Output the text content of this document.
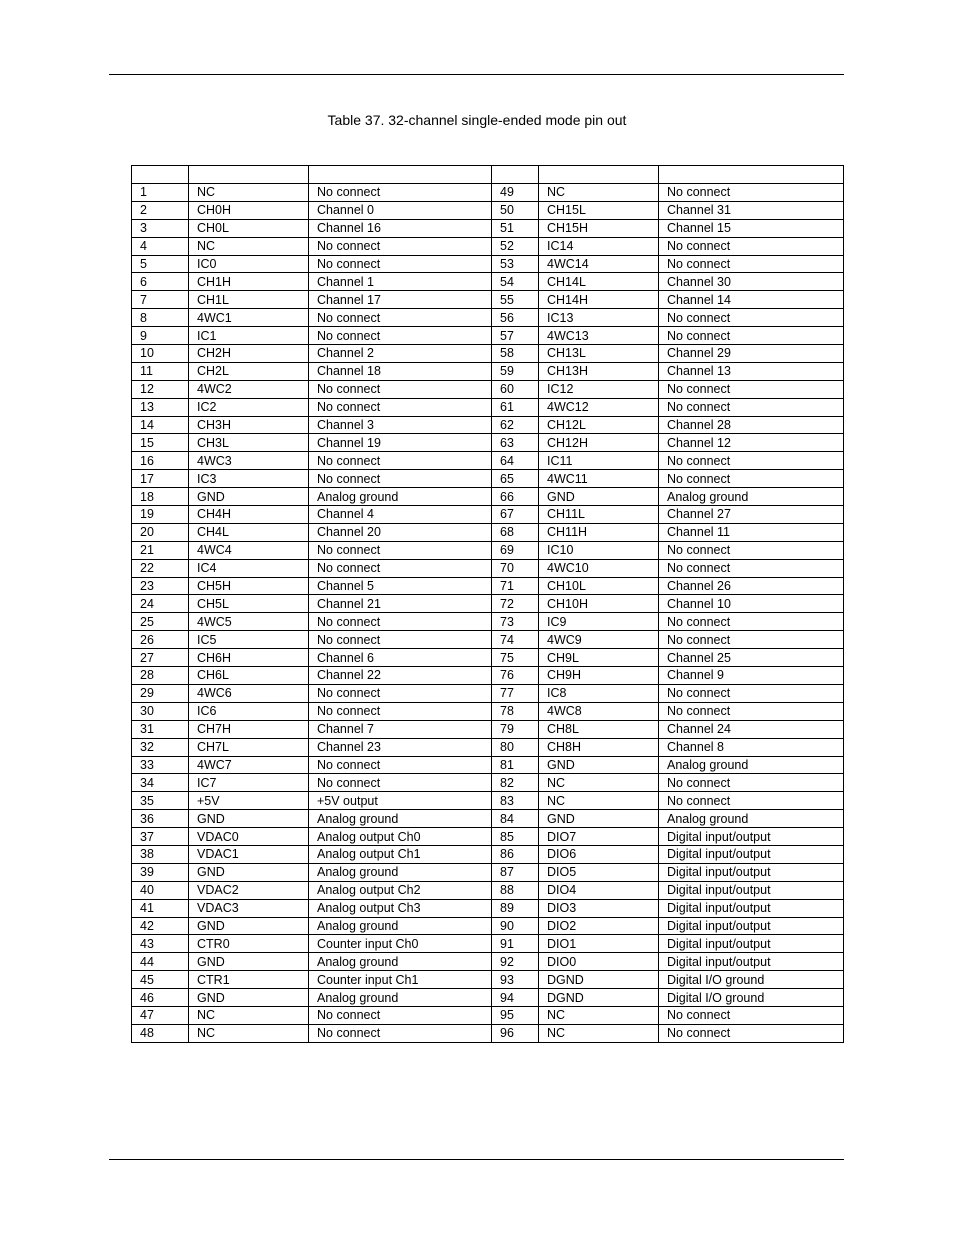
Table 37. 32-channel single-ended mode pin out

1	NC	No connect	49	NC	No connect
2	CH0H	Channel 0	50	CH15L	Channel 31
3	CH0L	Channel 16	51	CH15H	Channel 15
4	NC	No connect	52	IC14	No connect
5	IC0	No connect	53	4WC14	No connect
6	CH1H	Channel 1	54	CH14L	Channel 30
7	CH1L	Channel 17	55	CH14H	Channel 14
8	4WC1	No connect	56	IC13	No connect
9	IC1	No connect	57	4WC13	No connect
10	CH2H	Channel 2	58	CH13L	Channel 29
11	CH2L	Channel 18	59	CH13H	Channel 13
12	4WC2	No connect	60	IC12	No connect
13	IC2	No connect	61	4WC12	No connect
14	CH3H	Channel 3	62	CH12L	Channel 28
15	CH3L	Channel 19	63	CH12H	Channel 12
16	4WC3	No connect	64	IC11	No connect
17	IC3	No connect	65	4WC11	No connect
18	GND	Analog ground	66	GND	Analog ground
19	CH4H	Channel 4	67	CH11L	Channel 27
20	CH4L	Channel 20	68	CH11H	Channel 11
21	4WC4	No connect	69	IC10	No connect
22	IC4	No connect	70	4WC10	No connect
23	CH5H	Channel 5	71	CH10L	Channel 26
24	CH5L	Channel 21	72	CH10H	Channel 10
25	4WC5	No connect	73	IC9	No connect
26	IC5	No connect	74	4WC9	No connect
27	CH6H	Channel 6	75	CH9L	Channel 25
28	CH6L	Channel 22	76	CH9H	Channel 9
29	4WC6	No connect	77	IC8	No connect
30	IC6	No connect	78	4WC8	No connect
31	CH7H	Channel 7	79	CH8L	Channel 24
32	CH7L	Channel 23	80	CH8H	Channel 8
33	4WC7	No connect	81	GND	Analog ground
34	IC7	No connect	82	NC	No connect
35	+5V	+5V output	83	NC	No connect
36	GND	Analog ground	84	GND	Analog ground
37	VDAC0	Analog output Ch0	85	DIO7	Digital input/output
38	VDAC1	Analog output Ch1	86	DIO6	Digital input/output
39	GND	Analog ground	87	DIO5	Digital input/output
40	VDAC2	Analog output Ch2	88	DIO4	Digital input/output
41	VDAC3	Analog output Ch3	89	DIO3	Digital input/output
42	GND	Analog ground	90	DIO2	Digital input/output
43	CTR0	Counter input Ch0	91	DIO1	Digital input/output
44	GND	Analog ground	92	DIO0	Digital input/output
45	CTR1	Counter input Ch1	93	DGND	Digital I/O ground
46	GND	Analog ground	94	DGND	Digital I/O ground
47	NC	No connect	95	NC	No connect
48	NC	No connect	96	NC	No connect
